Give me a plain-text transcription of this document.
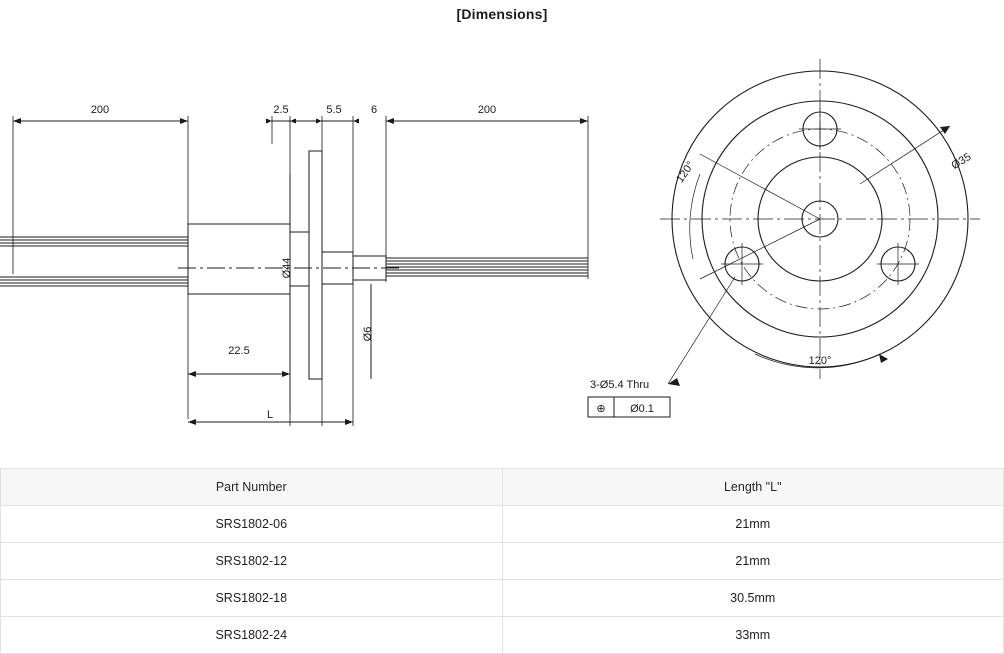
[Dimensions]
200	2.5	5.5	6	200
22.5
L
Ø44
Ø6
120°
120°
Ø35
3-Ø5.4 Thru
⊕ Ø0.1
Part Number	Length "L"
SRS1802-06	21mm
SRS1802-12	21mm
SRS1802-18	30.5mm
SRS1802-24	33mm
